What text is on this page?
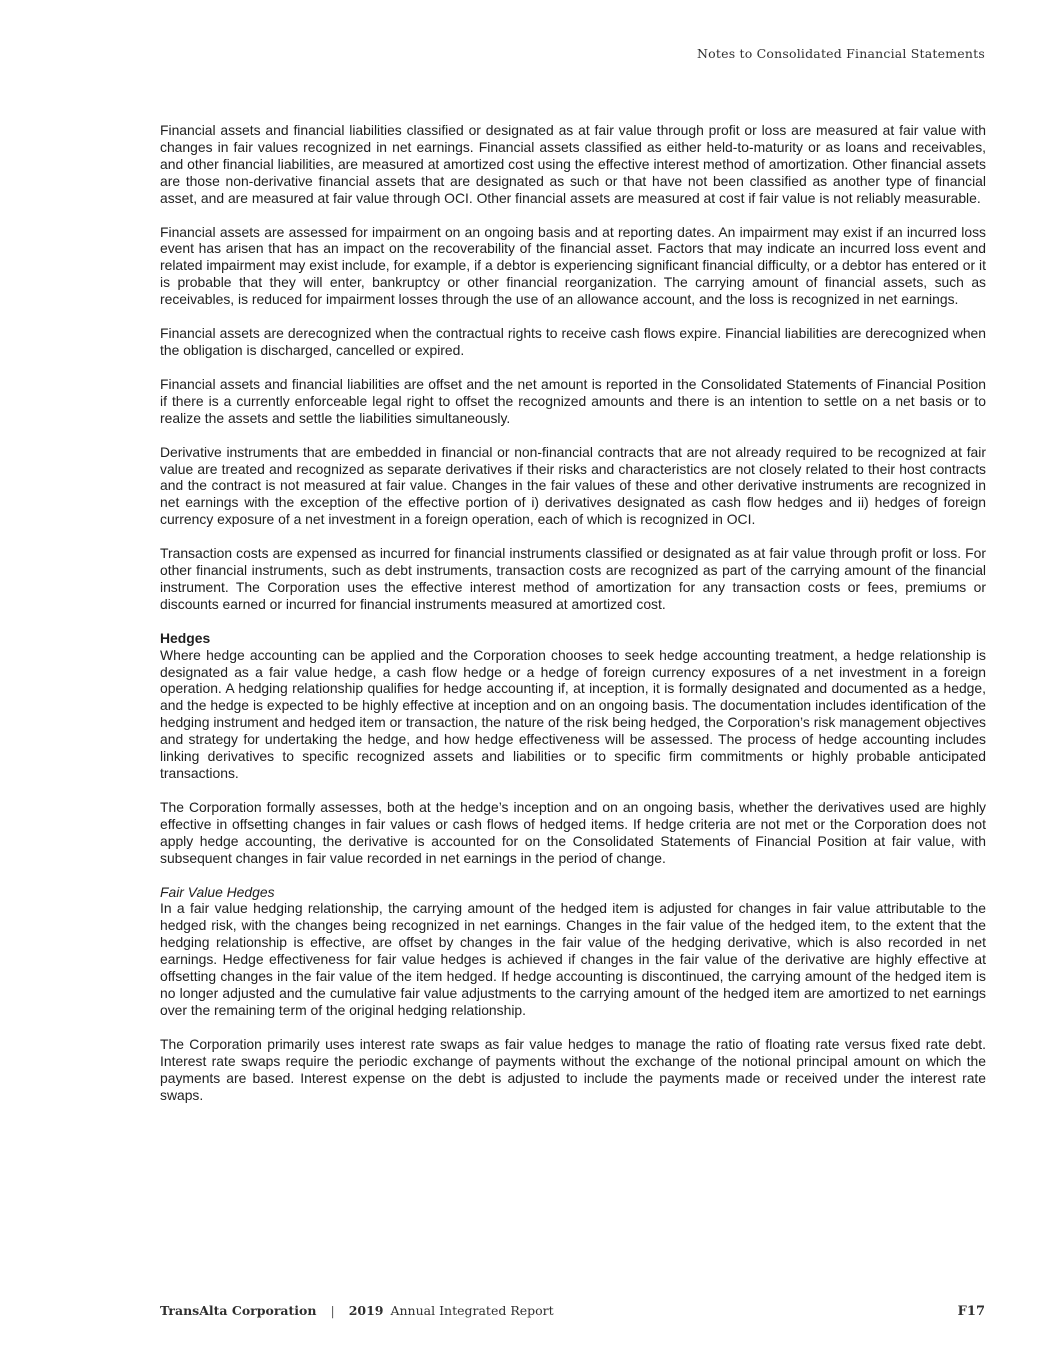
Notes to Consolidated Financial Statements

Financial assets and financial liabilities classified or designated as at fair value through profit or loss are measured at fair value with changes in fair values recognized in net earnings. Financial assets classified as either held-to-maturity or as loans and receivables, and other financial liabilities, are measured at amortized cost using the effective interest method of amortization. Other financial assets are those non-derivative financial assets that are designated as such or that have not been classified as another type of financial asset, and are measured at fair value through OCI. Other financial assets are measured at cost if fair value is not reliably measurable.

Financial assets are assessed for impairment on an ongoing basis and at reporting dates. An impairment may exist if an incurred loss event has arisen that has an impact on the recoverability of the financial asset. Factors that may indicate an incurred loss event and related impairment may exist include, for example, if a debtor is experiencing significant financial difficulty, or a debtor has entered or it is probable that they will enter, bankruptcy or other financial reorganization. The carrying amount of financial assets, such as receivables, is reduced for impairment losses through the use of an allowance account, and the loss is recognized in net earnings.

Financial assets are derecognized when the contractual rights to receive cash flows expire. Financial liabilities are derecognized when the obligation is discharged, cancelled or expired.

Financial assets and financial liabilities are offset and the net amount is reported in the Consolidated Statements of Financial Position if there is a currently enforceable legal right to offset the recognized amounts and there is an intention to settle on a net basis or to realize the assets and settle the liabilities simultaneously.

Derivative instruments that are embedded in financial or non-financial contracts that are not already required to be recognized at fair value are treated and recognized as separate derivatives if their risks and characteristics are not closely related to their host contracts and the contract is not measured at fair value. Changes in the fair values of these and other derivative instruments are recognized in net earnings with the exception of the effective portion of i) derivatives designated as cash flow hedges and ii) hedges of foreign currency exposure of a net investment in a foreign operation, each of which is recognized in OCI.

Transaction costs are expensed as incurred for financial instruments classified or designated as at fair value through profit or loss. For other financial instruments, such as debt instruments, transaction costs are recognized as part of the carrying amount of the financial instrument. The Corporation uses the effective interest method of amortization for any transaction costs or fees, premiums or discounts earned or incurred for financial instruments measured at amortized cost.

Hedges

Where hedge accounting can be applied and the Corporation chooses to seek hedge accounting treatment, a hedge relationship is designated as a fair value hedge, a cash flow hedge or a hedge of foreign currency exposures of a net investment in a foreign operation. A hedging relationship qualifies for hedge accounting if, at inception, it is formally designated and documented as a hedge, and the hedge is expected to be highly effective at inception and on an ongoing basis. The documentation includes identification of the hedging instrument and hedged item or transaction, the nature of the risk being hedged, the Corporation’s risk management objectives and strategy for undertaking the hedge, and how hedge effectiveness will be assessed. The process of hedge accounting includes linking derivatives to specific recognized assets and liabilities or to specific firm commitments or highly probable anticipated transactions.

The Corporation formally assesses, both at the hedge’s inception and on an ongoing basis, whether the derivatives used are highly effective in offsetting changes in fair values or cash flows of hedged items. If hedge criteria are not met or the Corporation does not apply hedge accounting, the derivative is accounted for on the Consolidated Statements of Financial Position at fair value, with subsequent changes in fair value recorded in net earnings in the period of change.

Fair Value Hedges

In a fair value hedging relationship, the carrying amount of the hedged item is adjusted for changes in fair value attributable to the hedged risk, with the changes being recognized in net earnings. Changes in the fair value of the hedged item, to the extent that the hedging relationship is effective, are offset by changes in the fair value of the hedging derivative, which is also recorded in net earnings. Hedge effectiveness for fair value hedges is achieved if changes in the fair value of the derivative are highly effective at offsetting changes in the fair value of the item hedged. If hedge accounting is discontinued, the carrying amount of the hedged item is no longer adjusted and the cumulative fair value adjustments to the carrying amount of the hedged item are amortized to net earnings over the remaining term of the original hedging relationship.

The Corporation primarily uses interest rate swaps as fair value hedges to manage the ratio of floating rate versus fixed rate debt. Interest rate swaps require the periodic exchange of payments without the exchange of the notional principal amount on which the payments are based. Interest expense on the debt is adjusted to include the payments made or received under the interest rate swaps.

TransAlta Corporation | 2019 Annual Integrated Report	F17
